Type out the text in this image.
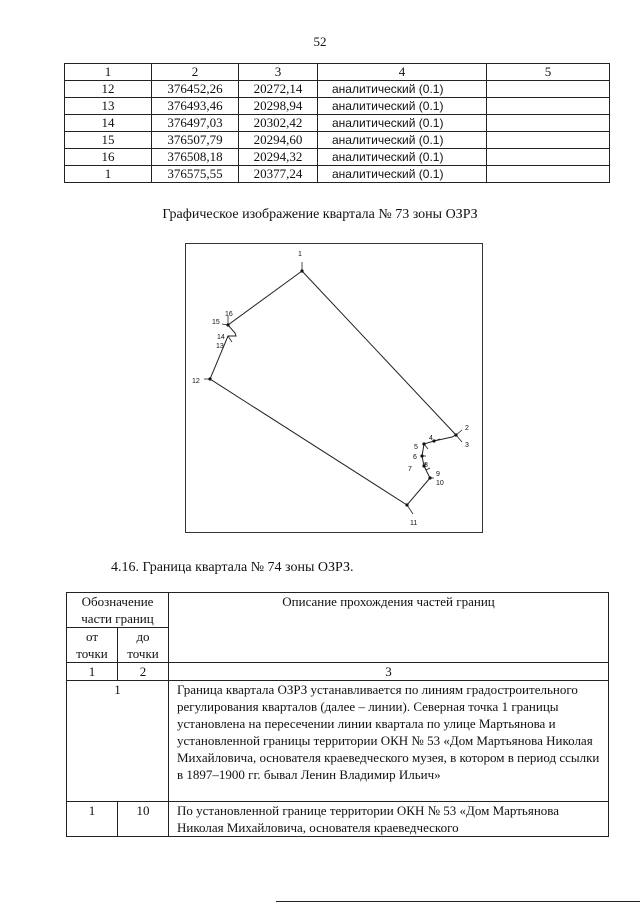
52
1	2	3	4	5
12	376452,26	20272,14	аналитический (0.1)	
13	376493,46	20298,94	аналитический (0.1)	
14	376497,03	20302,42	аналитический (0.1)	
15	376507,79	20294,60	аналитический (0.1)	
16	376508,18	20294,32	аналитический (0.1)	
1	376575,55	20377,24	аналитический (0.1)	
Графическое изображение квартала № 73 зоны ОЗРЗ
1
2
3
4
5
6
7
8
9
10
11
12
13
14
15
16
4.16. Граница квартала № 74 зоны ОЗРЗ.
Обозначение части границ		Описание прохождения частей границ
от точки	до точки	
1	2	3
1		Граница квартала ОЗРЗ устанавливается по линиям градостроительного регулирования кварталов (далее – линии). Северная точка 1 границы установлена на пересечении линии квартала по улице Мартьянова и установленной границы территории ОКН № 53 «Дом Мартьянова Николая Михайловича, основателя краеведческого музея, в котором в период ссылки в 1897–1900 гг. бывал Ленин Владимир Ильич»
1	10	По установленной границе территории ОКН № 53 «Дом Мартьянова Николая Михайловича, основателя краеведческого
